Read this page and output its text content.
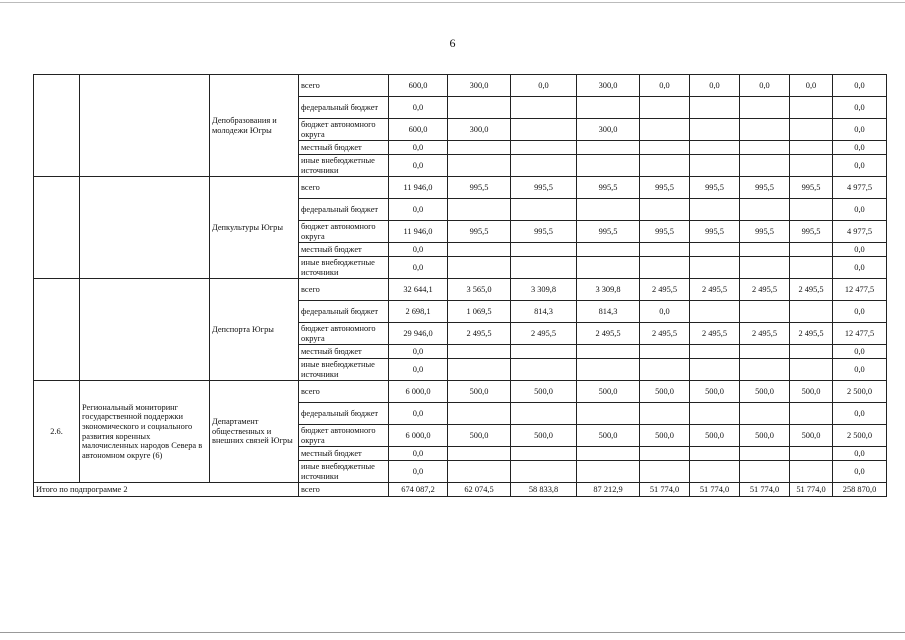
6
		Депобразования и молодежи Югры	всего	600,0	300,0	0,0	300,0	0,0	0,0	0,0	0,0	0,0
			федеральный бюджет	0,0								0,0
			бюджет автономного округа	600,0	300,0		300,0					0,0
			местный бюджет	0,0								0,0
			иные внебюджетные источники	0,0								0,0
		Депкультуры Югры	всего	11 946,0	995,5	995,5	995,5	995,5	995,5	995,5	995,5	4 977,5
			федеральный бюджет	0,0								0,0
			бюджет автономного округа	11 946,0	995,5	995,5	995,5	995,5	995,5	995,5	995,5	4 977,5
			местный бюджет	0,0								0,0
			иные внебюджетные источники	0,0								0,0
		Депспорта Югры	всего	32 644,1	3 565,0	3 309,8	3 309,8	2 495,5	2 495,5	2 495,5	2 495,5	12 477,5
			федеральный бюджет	2 698,1	1 069,5	814,3	814,3	0,0				0,0
			бюджет автономного округа	29 946,0	2 495,5	2 495,5	2 495,5	2 495,5	2 495,5	2 495,5	2 495,5	12 477,5
			местный бюджет	0,0								0,0
			иные внебюджетные источники	0,0								0,0
2.6.	Региональный мониторинг государственной поддержки экономического и социального развития коренных малочисленных народов Севера в автономном округе (6)	Департамент общественных и внешних связей Югры	всего	6 000,0	500,0	500,0	500,0	500,0	500,0	500,0	500,0	2 500,0
			федеральный бюджет	0,0								0,0
			бюджет автономного округа	6 000,0	500,0	500,0	500,0	500,0	500,0	500,0	500,0	2 500,0
			местный бюджет	0,0								0,0
			иные внебюджетные источники	0,0								0,0
Итого по подпрограмме 2			всего	674 087,2	62 074,5	58 833,8	87 212,9	51 774,0	51 774,0	51 774,0	51 774,0	258 870,0
